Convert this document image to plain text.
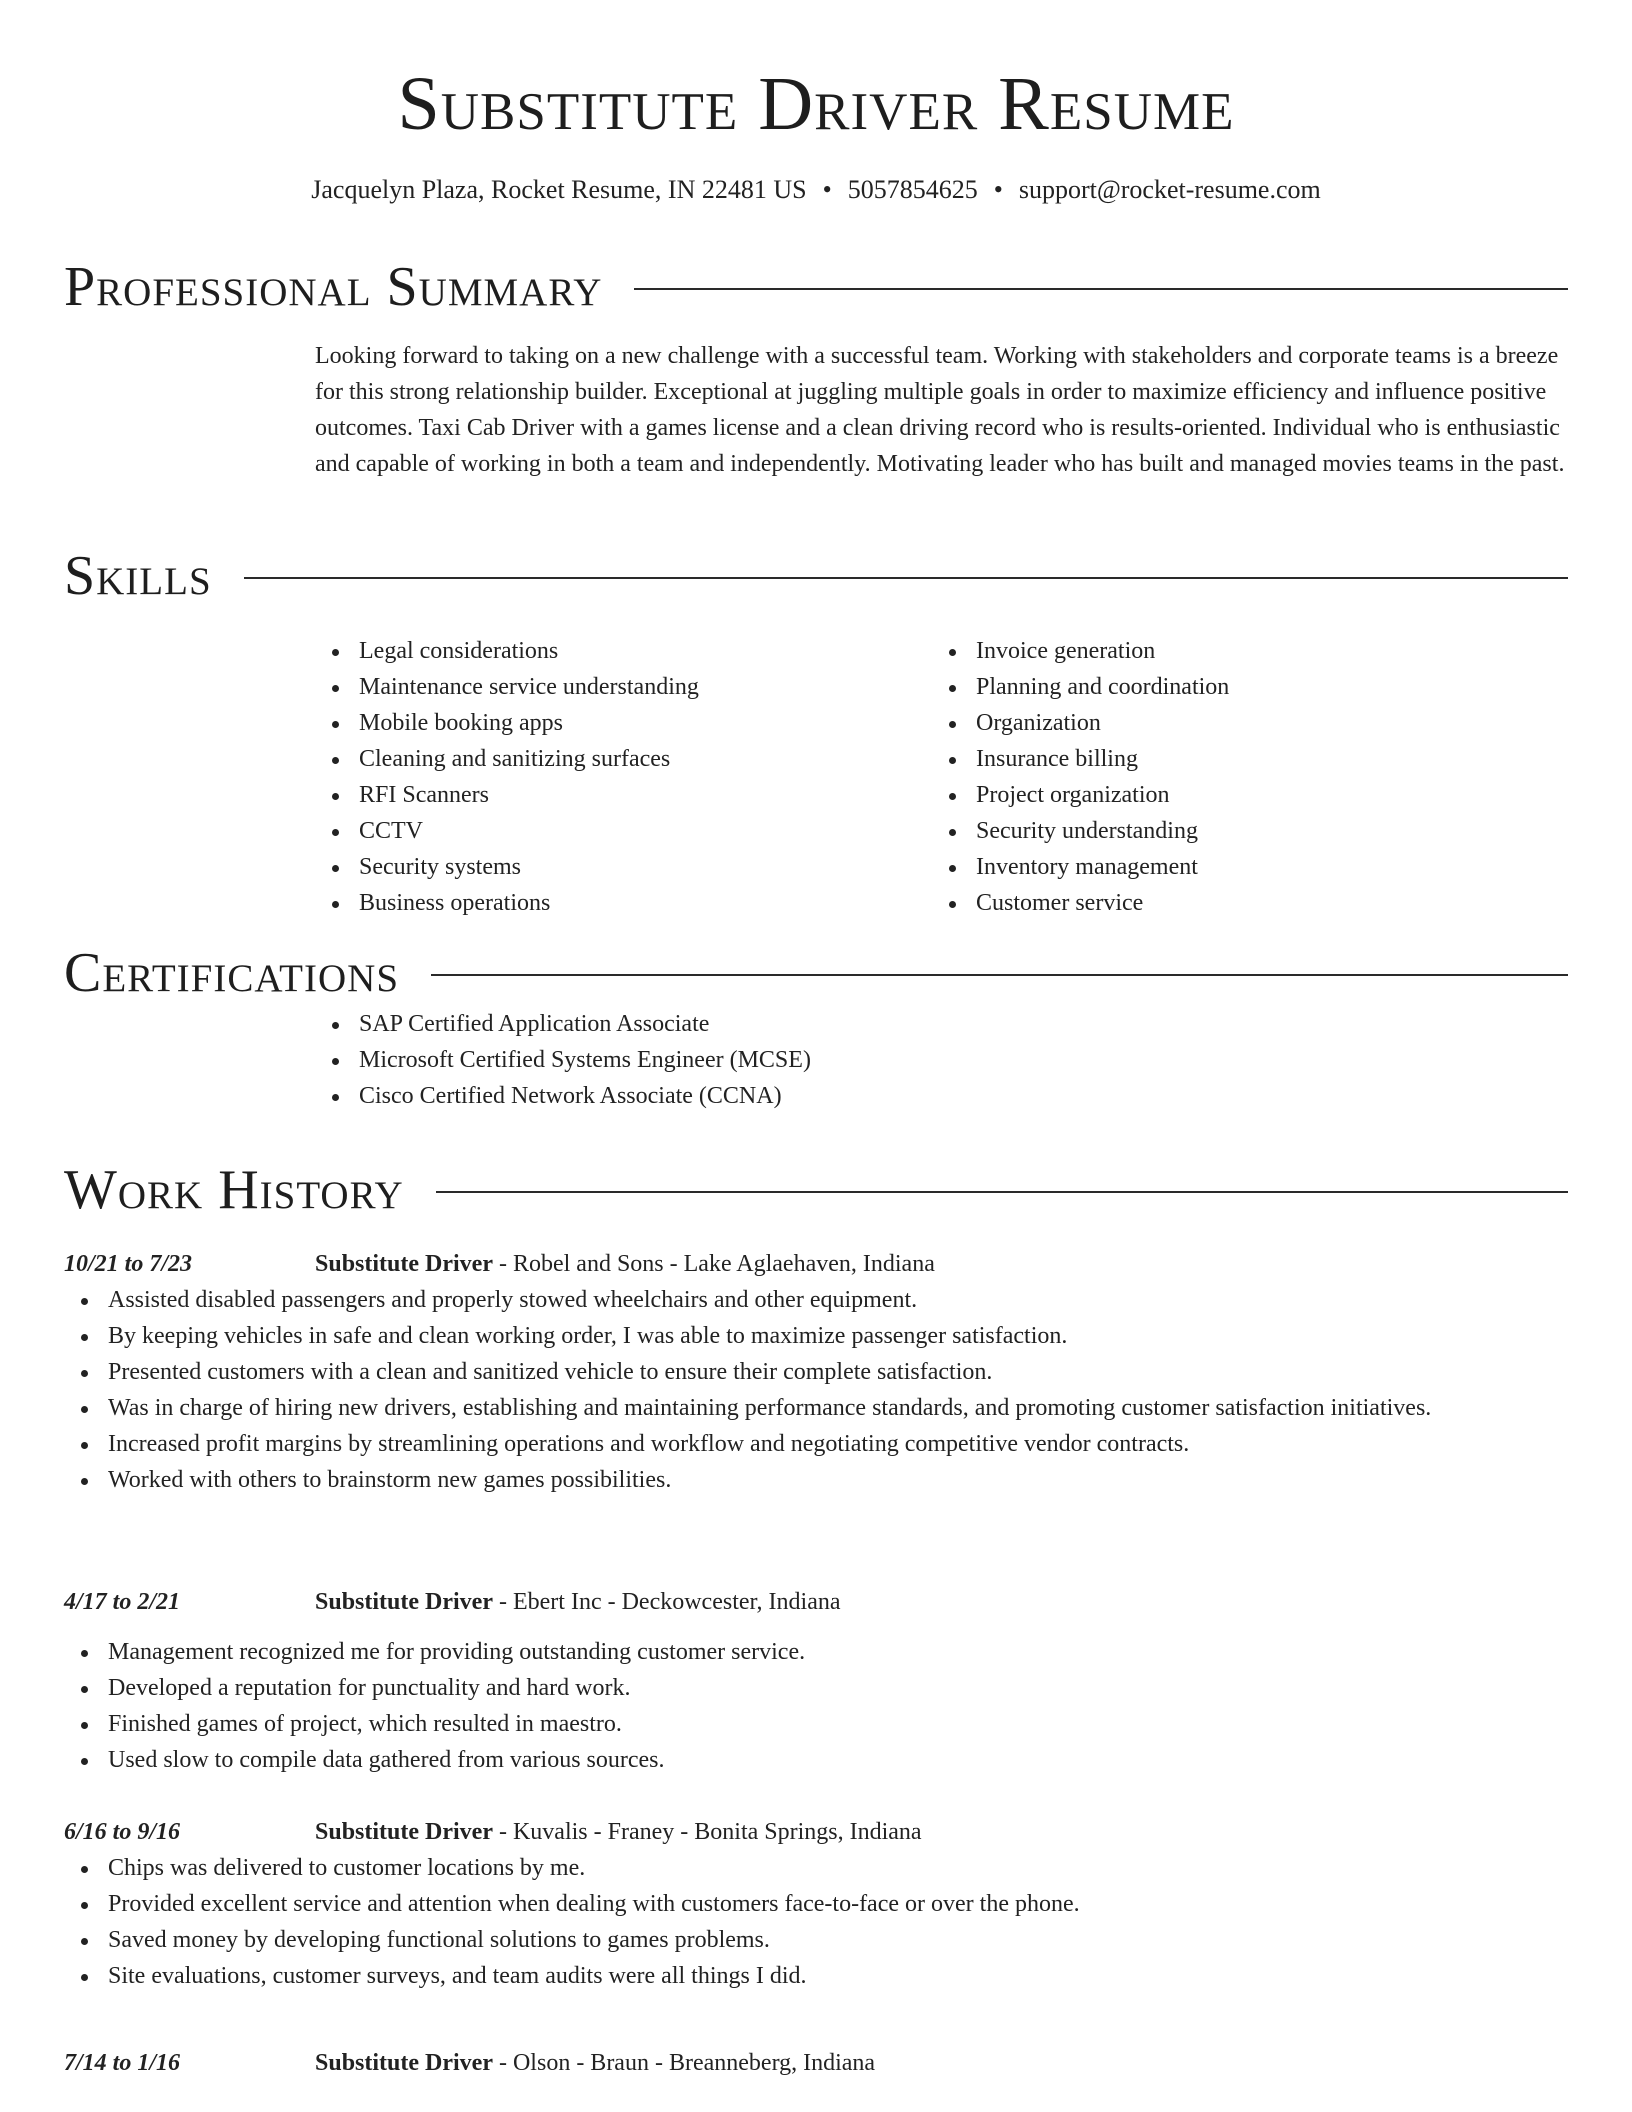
Substitute Driver Resume
Jacquelyn Plaza, Rocket Resume, IN 22481 US • 5057854625 • support@rocket-resume.com
Professional Summary

Looking forward to taking on a new challenge with a successful team. Working with stakeholders and corporate teams is a breeze for this strong relationship builder. Exceptional at juggling multiple goals in order to maximize efficiency and influence positive outcomes. Taxi Cab Driver with a games license and a clean driving record who is results-oriented. Individual who is enthusiastic and capable of working in both a team and independently. Motivating leader who has built and managed movies teams in the past.

Skills
Legal considerations
Maintenance service understanding
Mobile booking apps
Cleaning and sanitizing surfaces
RFI Scanners
CCTV
Security systems
Business operations
Invoice generation
Planning and coordination
Organization
Insurance billing
Project organization
Security understanding
Inventory management
Customer service
Certifications
SAP Certified Application Associate
Microsoft Certified Systems Engineer (MCSE)
Cisco Certified Network Associate (CCNA)
Work History
10/21 to 7/23	Substitute Driver - Robel and Sons - Lake Aglaehaven, Indiana
Assisted disabled passengers and properly stowed wheelchairs and other equipment.
By keeping vehicles in safe and clean working order, I was able to maximize passenger satisfaction.
Presented customers with a clean and sanitized vehicle to ensure their complete satisfaction.
Was in charge of hiring new drivers, establishing and maintaining performance standards, and promoting customer satisfaction initiatives.
Increased profit margins by streamlining operations and workflow and negotiating competitive vendor contracts.
Worked with others to brainstorm new games possibilities.
4/17 to 2/21	Substitute Driver - Ebert Inc - Deckowcester, Indiana
Management recognized me for providing outstanding customer service.
Developed a reputation for punctuality and hard work.
Finished games of project, which resulted in maestro.
Used slow to compile data gathered from various sources.
6/16 to 9/16	Substitute Driver - Kuvalis - Franey - Bonita Springs, Indiana
Chips was delivered to customer locations by me.
Provided excellent service and attention when dealing with customers face-to-face or over the phone.
Saved money by developing functional solutions to games problems.
Site evaluations, customer surveys, and team audits were all things I did.
7/14 to 1/16	Substitute Driver - Olson - Braun - Breanneberg, Indiana
